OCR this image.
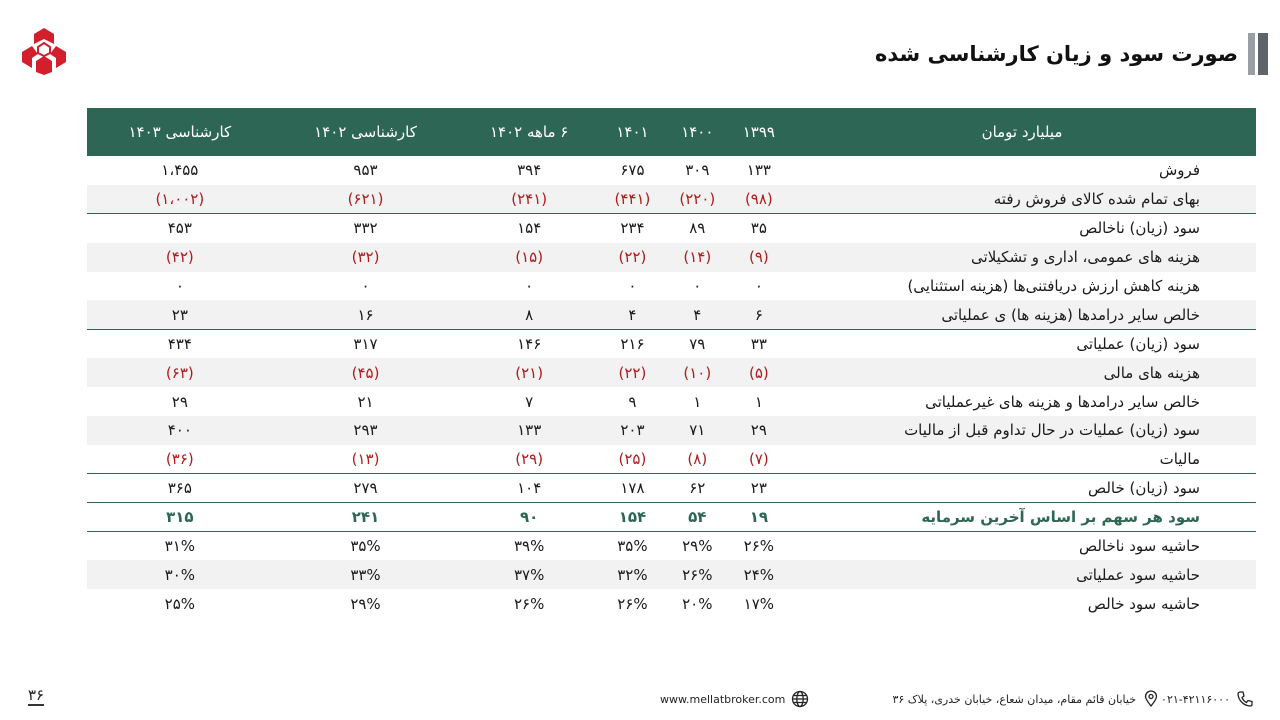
صورت سود و زیان کارشناسی شده
میلیارد تومان	۱۳۹۹	۱۴۰۰	۱۴۰۱	۶ ماهه ۱۴۰۲	کارشناسی ۱۴۰۲	کارشناسی ۱۴۰۳
فروش	۱۳۳	۳۰۹	۶۷۵	۳۹۴	۹۵۳	۱،۴۵۵
بهای تمام شده کالای فروش رفته	(۹۸)	(۲۲۰)	(۴۴۱)	(۲۴۱)	(۶۲۱)	(۱،۰۰۲)
سود (زیان) ناخالص	۳۵	۸۹	۲۳۴	۱۵۴	۳۳۲	۴۵۳
هزینه های عمومی، اداری و تشکیلاتی	(۹)	(۱۴)	(۲۲)	(۱۵)	(۳۲)	(۴۲)
هزینه کاهش ارزش دریافتنی‌ها (هزینه استثنایی)	۰	۰	۰	۰	۰	۰
خالص سایر درامدها (هزینه ها) ی عملیاتی	۶	۴	۴	۸	۱۶	۲۳
سود (زیان) عملیاتی	۳۳	۷۹	۲۱۶	۱۴۶	۳۱۷	۴۳۴
هزینه های مالی	(۵)	(۱۰)	(۲۲)	(۲۱)	(۴۵)	(۶۳)
خالص سایر درامدها و هزینه های غیرعملیاتی	۱	۱	۹	۷	۲۱	۲۹
سود (زیان) عملیات در حال تداوم قبل از مالیات	۲۹	۷۱	۲۰۳	۱۳۳	۲۹۳	۴۰۰
مالیات	(۷)	(۸)	(۲۵)	(۲۹)	(۱۳)	(۳۶)
سود (زیان) خالص	۲۳	۶۲	۱۷۸	۱۰۴	۲۷۹	۳۶۵
سود هر سهم بر اساس آخرین سرمایه	۱۹	۵۴	۱۵۴	۹۰	۲۴۱	۳۱۵
حاشیه سود ناخالص	۲۶%	۲۹%	۳۵%	۳۹%	۳۵%	۳۱%
حاشیه سود عملیاتی	۲۴%	۲۶%	۳۲%	۳۷%	۳۳%	۳۰%
حاشیه سود خالص	۱۷%	۲۰%	۲۶%	۲۶%	۲۹%	۲۵%
۳۶	www.mellatbroker.com	خیابان قائم مقام، میدان شعاع، خیابان خدری، پلاک ۳۶ ۰۲۱-۴۲۱۱۶۰۰۰
